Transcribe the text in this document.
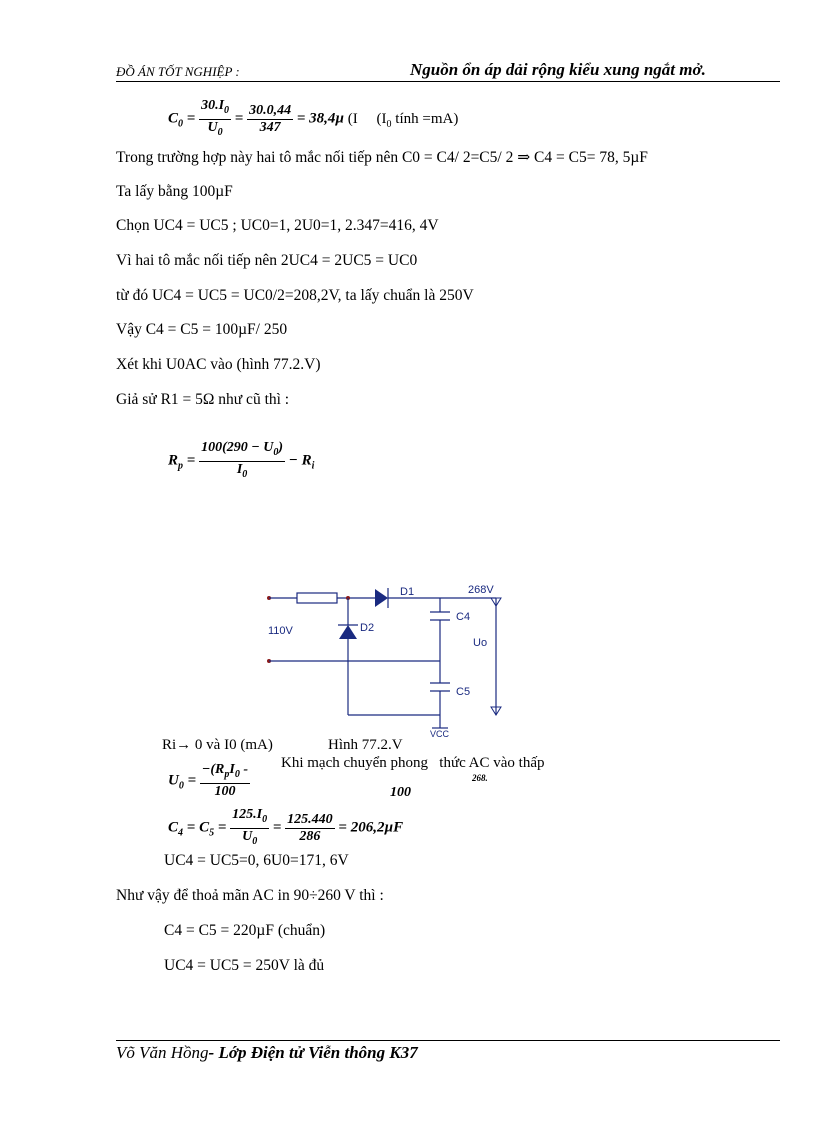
ĐỒ ÁN TỐT NGHIỆP :	Nguồn ổn áp dải rộng kiểu xung ngắt mở.
$C_0 = \frac{30.I_0}{U_0} = \frac{30.0,44}{347} = 38,4\mu$ (I     ($I_0$ tính =mA)
Trong trường hợp này hai tô mắc nối tiếp nên C0 = C4/ 2=C5/ 2 ⇒ C4 = C5= 78, 5µF
Ta lấy bằng 100µF
Chọn UC4 = UC5 ; UC0=1, 2U0=1, 2.347=416, 4V
Vì hai tô mắc nối tiếp nên 2UC4 = 2UC5 = UC0
từ đó UC4 = UC5 = UC0/2=208,2V, ta lấy chuẩn là 250V
Vậy C4 = C5 = 100µF/ 250
Xét khi U0AC vào (hình 77.2.V)
Giả sử R1 = 5Ω như cũ thì :
$R_p = \frac{100(290 - U_0)}{I_0} - R_i$
D1	268V
D2
110V
C4
C5
VCC
Uo
Ri→ 0 và I0 (mA)	Hình 77.2.V
$U_0 = \frac{-(R_pI_0 -}{100}$ Khi mạch chuyển phong   thức AC vào thấp
100
268.
$C_4 = C_5 = \frac{125.I_0}{U_0} = \frac{125.440}{286} = 206,2\mu F$
UC4 = UC5=0, 6U0=171, 6V
Như vậy để thoả mãn AC in 90÷260 V thì :
C4 = C5 = 220µF (chuẩn)
UC4 = UC5 = 250V là đủ
Võ Văn Hồng- Lớp Điện tử Viễn thông K37
